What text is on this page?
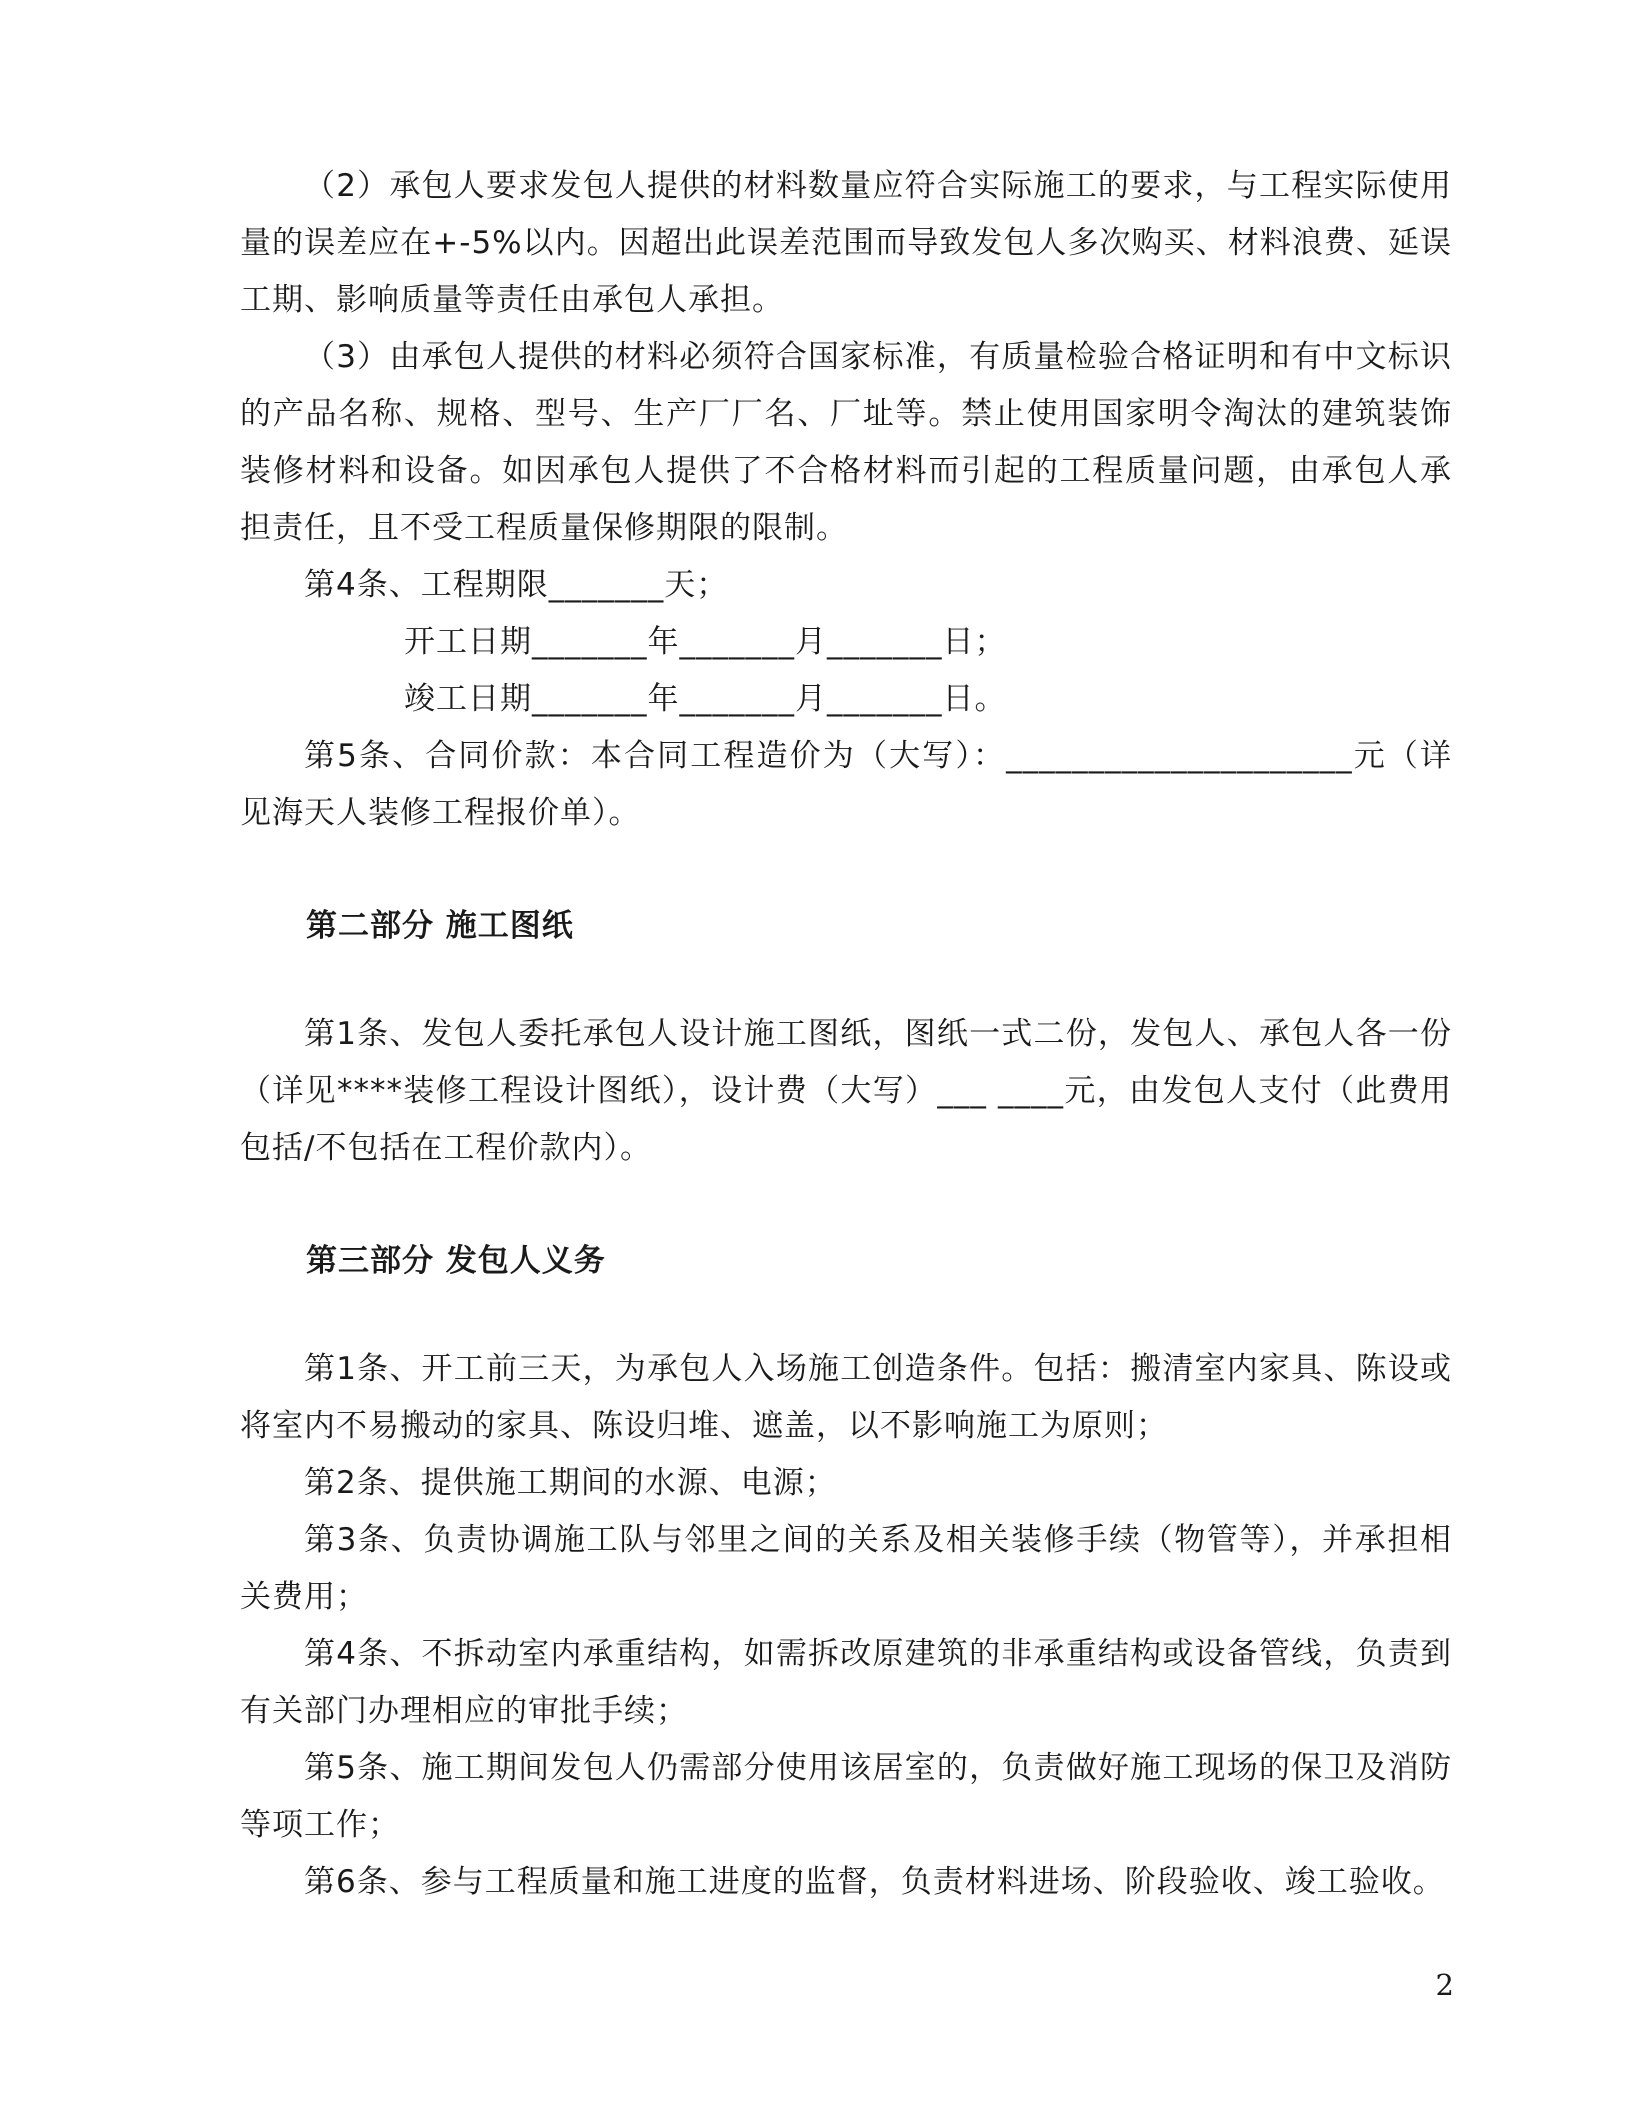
（2）承包人要求发包人提供的材料数量应符合实际施工的要求，与工程实际使用量的误差应在+-5%以内。因超出此误差范围而导致发包人多次购买、材料浪费、延误工期、影响质量等责任由承包人承担。

（3）由承包人提供的材料必须符合国家标准，有质量检验合格证明和有中文标识的产品名称、规格、型号、生产厂厂名、厂址等。禁止使用国家明令淘汰的建筑装饰装修材料和设备。如因承包人提供了不合格材料而引起的工程质量问题，由承包人承担责任，且不受工程质量保修期限的限制。

第4条、工程期限_______天；

开工日期_______年_______月_______日；

竣工日期_______年_______月_______日。

第5条、合同价款：本合同工程造价为（大写）：_____________________元（详见海天人装修工程报价单）。

第二部分 施工图纸

第1条、发包人委托承包人设计施工图纸，图纸一式二份，发包人、承包人各一份（详见****装修工程设计图纸），设计费（大写）___ ____元，由发包人支付（此费用包括/不包括在工程价款内）。

第三部分 发包人义务

第1条、开工前三天，为承包人入场施工创造条件。包括：搬清室内家具、陈设或将室内不易搬动的家具、陈设归堆、遮盖，以不影响施工为原则；

第2条、提供施工期间的水源、电源；

第3条、负责协调施工队与邻里之间的关系及相关装修手续（物管等），并承担相关费用；

第4条、不拆动室内承重结构，如需拆改原建筑的非承重结构或设备管线，负责到有关部门办理相应的审批手续；

第5条、施工期间发包人仍需部分使用该居室的，负责做好施工现场的保卫及消防等项工作；

第6条、参与工程质量和施工进度的监督，负责材料进场、阶段验收、竣工验收。

2
